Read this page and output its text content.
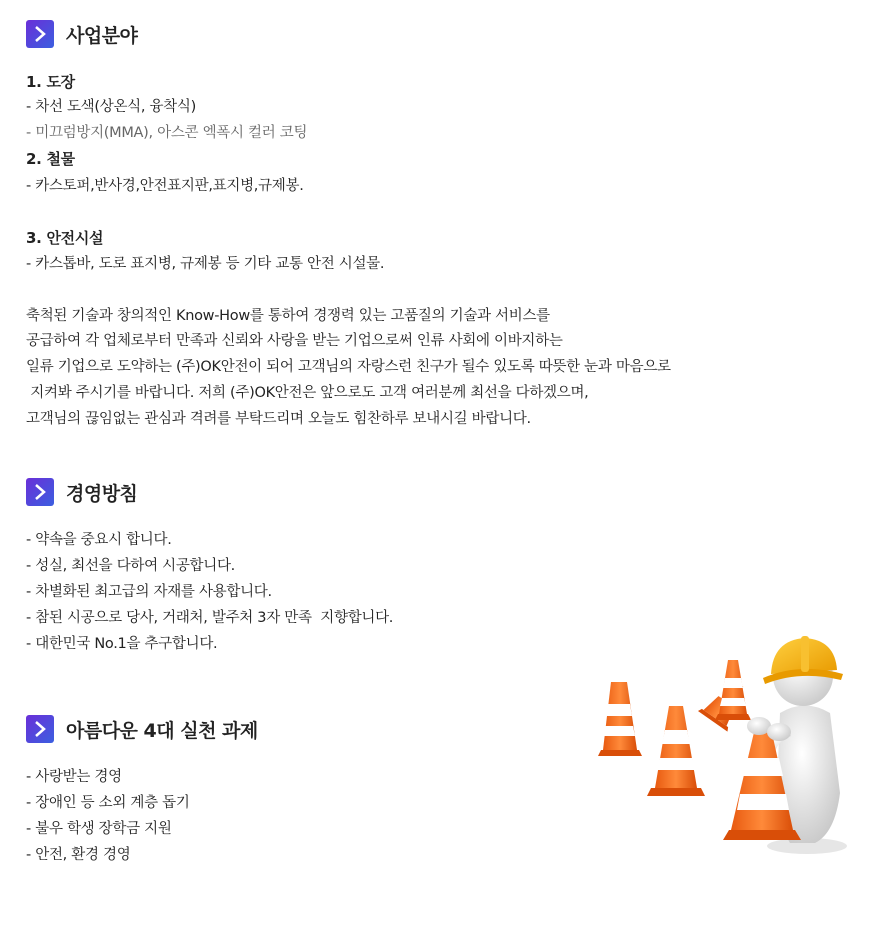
사업분야
1. 도장
- 차선 도색(상온식, 융착식)
- 미끄럼방지(MMA), 아스콘 엑폭시 컬러 코팅
2. 철물
- 카스토퍼,반사경,안전표지판,표지병,규제봉.
3. 안전시설
- 카스톱바, 도로 표지병, 규제봉 등 기타 교통 안전 시설물.
축척된 기술과 창의적인 Know-How를 통하여 경쟁력 있는 고품질의 기술과 서비스를
공급하여 각 업체로부터 만족과 신뢰와 사랑을 받는 기업으로써 인류 사회에 이바지하는
일류 기업으로 도약하는 (주)OK안전이 되어 고객님의 자랑스런 친구가 될수 있도록 따뜻한 눈과 마음으로
지켜봐 주시기를 바랍니다. 저희 (주)OK안전은 앞으로도 고객 여러분께 최선을 다하겠으며,
고객님의 끊임없는 관심과 격려를 부탁드리며 오늘도 힘찬하루 보내시길 바랍니다.
경영방침
- 약속을 중요시 합니다.
- 성실, 최선을 다하여 시공합니다.
- 차별화된 최고급의 자재를 사용합니다.
- 참된 시공으로 당사, 거래처, 발주처 3자 만족  지향합니다.
- 대한민국 No.1을 추구합니다.
아름다운 4대 실천 과제
- 사랑받는 경영
- 장애인 등 소외 계층 돕기
- 불우 학생 장학금 지원
- 안전, 환경 경영
